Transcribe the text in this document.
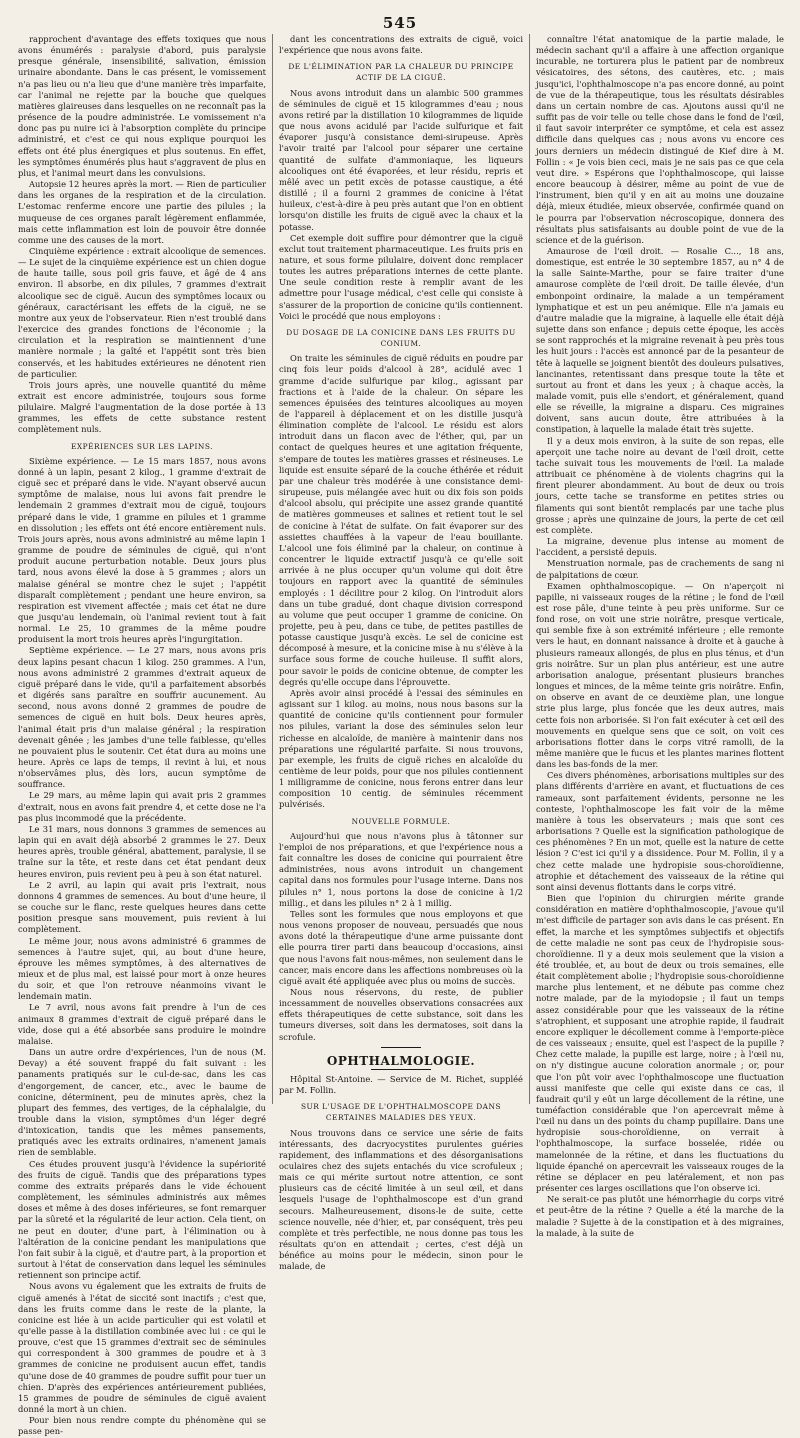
545

rapprochent d'avantage des effets toxiques que nous avons énumérés : paralysie d'abord, puis paralysie presque générale, insensibilité, salivation, émission urinaire abondante. Dans le cas présent, le vomissement n'a pas lieu ou n'a lieu que d'une manière très imparfaite, car l'animal ne rejette par la bouche que quelques matières glaireuses dans lesquelles on ne reconnaît pas la présence de la poudre administrée. Le vomissement n'a donc pas pu nuire ici à l'absorption complète du principe administré, et c'est ce qui nous explique pourquoi les effets ont été plus énergiques et plus soutenus. En effet, les symptômes énumérés plus haut s'aggravent de plus en plus, et l'animal meurt dans les convulsions.

Autopsie 12 heures après la mort. — Rien de particulier dans les organes de la respiration et de la circulation. L'estomac renferme encore une partie des pilules ; la muqueuse de ces organes paraît légèrement enflammée, mais cette inflammation est loin de pouvoir être donnée comme une des causes de la mort.

Cinquième expérience : extrait alcoolique de semences. — Le sujet de la cinquième expérience est un chien dogue de haute taille, sous poil gris fauve, et âgé de 4 ans environ. Il absorbe, en dix pilules, 7 grammes d'extrait alcoolique sec de ciguë. Aucun des symptômes locaux ou généraux, caractérisant les effets de la ciguë, ne se montre aux yeux de l'observateur. Rien n'est troublé dans l'exercice des grandes fonctions de l'économie ; la circulation et la respiration se maintiennent d'une manière normale ; la gaîté et l'appétit sont très bien conservés, et les habitudes extérieures ne dénotent rien de particulier.

Trois jours après, une nouvelle quantité du même extrait est encore administrée, toujours sous forme pilulaire. Malgré l'augmentation de la dose portée à 13 grammes, les effets de cette substance restent complètement nuls.

EXPÉRIENCES SUR LES LAPINS.

Sixième expérience. — Le 15 mars 1857, nous avons donné à un lapin, pesant 2 kilog., 1 gramme d'extrait de ciguë sec et préparé dans le vide. N'ayant observé aucun symptôme de malaise, nous lui avons fait prendre le lendemain 2 grammes d'extrait mou de ciguë, toujours préparé dans le vide, 1 gramme en pilules et 1 gramme en dissolution ; les effets ont été encore entièrement nuls. Trois jours après, nous avons administré au même lapin 1 gramme de poudre de séminules de ciguë, qui n'ont produit aucune perturbation notable. Deux jours plus tard, nous avons élevé la dose à 5 grammes ; alors un malaise général se montre chez le sujet ; l'appétit disparaît complètement ; pendant une heure environ, sa respiration est vivement affectée ; mais cet état ne dure que jusqu'au lendemain, où l'animal revient tout à fait normal. Le 25, 10 grammes de la même poudre produisent la mort trois heures après l'ingurgitation.

Septième expérience. — Le 27 mars, nous avons pris deux lapins pesant chacun 1 kilog. 250 grammes. A l'un, nous avons administré 2 grammes d'extrait aqueux de ciguë préparé dans le vide, qu'il a parfaitement absorbés et digérés sans paraître en souffrir aucunement. Au second, nous avons donné 2 grammes de poudre de semences de ciguë en huit bols. Deux heures après, l'animal était pris d'un malaise général ; la respiration devenait gênée ; les jambes d'une telle faiblesse, qu'elles ne pouvaient plus le soutenir. Cet état dura au moins une heure. Après ce laps de temps, il revint à lui, et nous n'observâmes plus, dès lors, aucun symptôme de souffrance.

Le 29 mars, au même lapin qui avait pris 2 grammes d'extrait, nous en avons fait prendre 4, et cette dose ne l'a pas plus incommodé que la précédente.

Le 31 mars, nous donnons 3 grammes de semences au lapin qui en avait déjà absorbé 2 grammes le 27. Deux heures après, trouble général, abattement, paralysie, il se traîne sur la tête, et reste dans cet état pendant deux heures environ, puis revient peu à peu à son état naturel.

Le 2 avril, au lapin qui avait pris l'extrait, nous donnons 4 grammes de semences. Au bout d'une heure, il se couche sur le flanc, reste quelques heures dans cette position presque sans mouvement, puis revient à lui complètement.

Le même jour, nous avons administré 6 grammes de semences à l'autre sujet, qui, au bout d'une heure, éprouve les mêmes symptômes, à des alternatives de mieux et de plus mal, est laissé pour mort à onze heures du soir, et que l'on retrouve néanmoins vivant le lendemain matin.

Le 7 avril, nous avons fait prendre à l'un de ces animaux 8 grammes d'extrait de ciguë préparé dans le vide, dose qui a été absorbée sans produire le moindre malaise.

Dans un autre ordre d'expériences, l'un de nous (M. Devay) a été souvent frappé du fait suivant : les panaments pratiqués sur le cul-de-sac, dans les cas d'engorgement, de cancer, etc., avec le baume de conicine, déterminent, peu de minutes après, chez la plupart des femmes, des vertiges, de la céphalalgie, du trouble dans la vision, symptômes d'un léger degré d'intoxication, tandis que les mêmes pansements, pratiqués avec les extraits ordinaires, n'amenent jamais rien de semblable.

Ces études prouvent jusqu'à l'évidence la supériorité des fruits de ciguë. Tandis que des préparations types comme des extraits préparés dans le vide échouent complètement, les séminules administrés aux mêmes doses et même à des doses inférieures, se font remarquer par la sûreté et la régularité de leur action. Cela tient, on ne peut en douter, d'une part, à l'élimination ou à l'altération de la conicine pendant les manipulations que l'on fait subir à la ciguë, et d'autre part, à la proportion et surtout à l'état de conservation dans lequel les séminules retiennent son principe actif.

Nous avons vu également que les extraits de fruits de ciguë amenés à l'état de siccité sont inactifs ; c'est que, dans les fruits comme dans le reste de la plante, la conicine est liée à un acide particulier qui est volatil et qu'elle passe à la distillation combinée avec lui : ce qui le prouve, c'est que 15 grammes d'extrait sec de séminules qui correspondent à 300 grammes de poudre et à 3 grammes de conicine ne produisent aucun effet, tandis qu'une dose de 40 grammes de poudre suffit pour tuer un chien. D'après des expériences antérieurement publiées, 15 grammes de poudre de séminules de ciguë avaient donné la mort à un chien.

Pour bien nous rendre compte du phénomène qui se passe pen-

dant les concentrations des extraits de ciguë, voici l'expérience que nous avons faite.

DE L'ÉLIMINATION PAR LA CHALEUR DU PRINCIPE ACTIF DE LA CIGUË.

Nous avons introduit dans un alambic 500 grammes de séminules de ciguë et 15 kilogrammes d'eau ; nous avons retiré par la distillation 10 kilogrammes de liquide que nous avons acidulé par l'acide sulfurique et fait évaporer jusqu'à consistance demi-sirupeuse. Après l'avoir traité par l'alcool pour séparer une certaine quantité de sulfate d'ammoniaque, les liqueurs alcooliques ont été évaporées, et leur résidu, repris et mêlé avec un petit excès de potasse caustique, a été distillé ; il a fourni 2 grammes de conicine à l'état huileux, c'est-à-dire à peu près autant que l'on en obtient lorsqu'on distille les fruits de ciguë avec la chaux et la potasse.

Cet exemple doit suffire pour démontrer que la ciguë exclut tout traitement pharmaceutique. Les fruits pris en nature, et sous forme pilulaire, doivent donc remplacer toutes les autres préparations internes de cette plante. Une seule condition reste à remplir avant de les admettre pour l'usage médical, c'est celle qui consiste à s'assurer de la proportion de conicine qu'ils contiennent. Voici le procédé que nous employons :

DU DOSAGE DE LA CONICINE DANS LES FRUITS DU CONIUM.

On traite les séminules de ciguë réduits en poudre par cinq fois leur poids d'alcool à 28°, acidulé avec 1 gramme d'acide sulfurique par kilog., agissant par fractions et à l'aide de la chaleur. On sépare les semences épuisées des teintures alcooliques au moyen de l'appareil à déplacement et on les distille jusqu'à élimination complète de l'alcool. Le résidu est alors introduit dans un flacon avec de l'éther, qui, par un contact de quelques heures et une agitation fréquente, s'empare de toutes les matières grasses et résineuses. Le liquide est ensuite séparé de la couche éthérée et réduit par une chaleur très modérée à une consistance demi-sirupeuse, puis mélangée avec huit ou dix fois son poids d'alcool absolu, qui précipite une assez grande quantité de matières gommeuses et salines et retient tout le sel de conicine à l'état de sulfate. On fait évaporer sur des assiettes chauffées à la vapeur de l'eau bouillante. L'alcool une fois éliminé par la chaleur, on continue à concentrer le liquide extractif jusqu'à ce qu'elle soit arrivée à ne plus occuper qu'un volume qui doit être toujours en rapport avec la quantité de séminules employés : 1 décilitre pour 2 kilog. On l'introduit alors dans un tube gradué, dont chaque division correspond au volume que peut occuper 1 gramme de conicine. On projette, peu à peu, dans ce tube, de petites pastilles de potasse caustique jusqu'à excès. Le sel de conicine est décomposé à mesure, et la conicine mise à nu s'élève à la surface sous forme de couche huileuse. Il suffit alors, pour savoir le poids de conicine obtenue, de compter les degrés qu'elle occupe dans l'éprouvette.

Après avoir ainsi procédé à l'essai des séminules en agissant sur 1 kilog. au moins, nous nous basons sur la quantité de conicine qu'ils contiennent pour formuler nos pilules, variant la dose des séminules selon leur richesse en alcaloïde, de manière à maintenir dans nos préparations une régularité parfaite. Si nous trouvons, par exemple, les fruits de ciguë riches en alcaloïde du centième de leur poids, pour que nos pilules contiennent 1 milligramme de conicine, nous ferons entrer dans leur composition 10 centig. de séminules récemment pulvérisés.

NOUVELLE FORMULE.

Aujourd'hui que nous n'avons plus à tâtonner sur l'emploi de nos préparations, et que l'expérience nous a fait connaître les doses de conicine qui pourraient être administrées, nous avons introduit un changement capital dans nos formules pour l'usage interne. Dans nos pilules n° 1, nous portons la dose de conicine à 1/2 millig., et dans les pilules n° 2 à 1 millig.

Telles sont les formules que nous employons et que nous venons proposer de nouveau, persuadés que nous avons doté la thérapeutique d'une arme puissante dont elle pourra tirer parti dans beaucoup d'occasions, ainsi que nous l'avons fait nous-mêmes, non seulement dans le cancer, mais encore dans les affections nombreuses où la ciguë avait été appliquée avec plus ou moins de succès.

Nous nous réservons, du reste, de publier incessamment de nouvelles observations consacrées aux effets thérapeutiques de cette substance, soit dans les tumeurs diverses, soit dans les dermatoses, soit dans la scrofule.

OPHTHALMOLOGIE.

Hôpital St-Antoine. — Service de M. Richet, suppléé par M. Follin.

SUR L'USAGE DE L'OPHTHALMOSCOPE DANS CERTAINES MALADIES DES YEUX.

Nous trouvons dans ce service une série de faits intéressants, des dacryocystites purulentes guéries rapidement, des inflammations et des désorganisations oculaires chez des sujets entachés du vice scrofuleux ; mais ce qui mérite surtout notre attention, ce sont plusieurs cas de cécité limitée à un seul œil, et dans lesquels l'usage de l'ophthalmoscope est d'un grand secours. Malheureusement, disons-le de suite, cette science nouvelle, née d'hier, et, par conséquent, très peu complète et très perfectible, ne nous donne pas tous les résultats qu'on en attendait ; certes, c'est déjà un bénéfice au moins pour le médecin, sinon pour le malade, de

connaître l'état anatomique de la partie malade, le médecin sachant qu'il a affaire à une affection organique incurable, ne torturera plus le patient par de nombreux vésicatoires, des sétons, des cautères, etc. ; mais jusqu'ici, l'ophthalmoscope n'a pas encore donné, au point de vue de la thérapeutique, tous les résultats désirables dans un certain nombre de cas. Ajoutons aussi qu'il ne suffit pas de voir telle ou telle chose dans le fond de l'œil, il faut savoir interpréter ce symptôme, et cela est assez difficile dans quelques cas ; nous avons vu encore ces jours derniers un médecin distingué de Kief dire à M. Follin : « Je vois bien ceci, mais je ne sais pas ce que cela veut dire. » Espérons que l'ophthalmoscope, qui laisse encore beaucoup à désirer, même au point de vue de l'instrument, bien qu'il y en ait au moins une douzaine déjà, mieux étudiée, mieux observée, confirmée quand on le pourra par l'observation nécroscopique, donnera des résultats plus satisfaisants au double point de vue de la science et de la guérison.

Amaurose de l'œil droit. — Rosalie C..., 18 ans, domestique, est entrée le 30 septembre 1857, au n° 4 de la salle Sainte-Marthe, pour se faire traiter d'une amaurose complète de l'œil droit. De taille élevée, d'un embonpoint ordinaire, la malade a un tempérament lymphatique et est un peu anémique. Elle n'a jamais eu d'autre maladie que la migraine, à laquelle elle était déjà sujette dans son enfance ; depuis cette époque, les accès se sont rapprochés et la migraine revenait à peu près tous les huit jours : l'accès est annoncé par de la pesanteur de tête à laquelle se joignent bientôt des douleurs pulsatives, lancinantes, retentissant dans presque toute la tête et surtout au front et dans les yeux ; à chaque accès, la malade vomit, puis elle s'endort, et généralement, quand elle se réveille, la migraine a disparu. Ces migraines doivent, sans aucun doute, être attribuées à la constipation, à laquelle la malade était très sujette.

Il y a deux mois environ, à la suite de son repas, elle aperçoit une tache noire au devant de l'œil droit, cette tache suivait tous les mouvements de l'œil. La malade attribuait ce phénomène à de violents chagrins qui la firent pleurer abondamment. Au bout de deux ou trois jours, cette tache se transforme en petites stries ou filaments qui sont bientôt remplacés par une tache plus grosse ; après une quinzaine de jours, la perte de cet œil est complète.

La migraine, devenue plus intense au moment de l'accident, a persisté depuis.

Menstruation normale, pas de crachements de sang ni de palpitations de cœur.

Examen ophthalmoscopique. — On n'aperçoit ni papille, ni vaisseaux rouges de la rétine ; le fond de l'œil est rose pâle, d'une teinte à peu près uniforme. Sur ce fond rose, on voit une strie noirâtre, presque verticale, qui semble fixe à son extrémité inférieure ; elle remonte vers le haut, en donnant naissance à droite et à gauche à plusieurs rameaux allongés, de plus en plus ténus, et d'un gris noirâtre. Sur un plan plus antérieur, est une autre arborisation analogue, présentant plusieurs branches longues et minces, de la même teinte gris noirâtre. Enfin, on observe en avant de ce deuxième plan, une longue strie plus large, plus foncée que les deux autres, mais cette fois non arborisée. Si l'on fait exécuter à cet œil des mouvements en quelque sens que ce soit, on voit ces arborisations flotter dans le corps vitré ramolli, de la même manière que le fucus et les plantes marines flottent dans les bas-fonds de la mer.

Ces divers phénomènes, arborisations multiples sur des plans différents d'arrière en avant, et fluctuations de ces rameaux, sont parfaitement évidents, personne ne les conteste, l'ophthalmoscope les fait voir de la même manière à tous les observateurs ; mais que sont ces arborisations ? Quelle est la signification pathologique de ces phénomènes ? En un mot, quelle est la nature de cette lésion ? C'est ici qu'il y a dissidence. Pour M. Follin, il y a chez cette malade une hydropisie sous-choroïdienne, atrophie et détachement des vaisseaux de la rétine qui sont ainsi devenus flottants dans le corps vitré.

Bien que l'opinion du chirurgien mérite grande considération en matière d'ophthalmoscopie, j'avoue qu'il m'est difficile de partager son avis dans le cas présent. En effet, la marche et les symptômes subjectifs et objectifs de cette maladie ne sont pas ceux de l'hydropisie sous-choroïdienne. Il y a deux mois seulement que la vision a été troublée, et, au bout de deux ou trois semaines, elle était complètement abolie ; l'hydropisie sous-choroïdienne marche plus lentement, et ne débute pas comme chez notre malade, par de la myiodopsie ; il faut un temps assez considérable pour que les vaisseaux de la rétine s'atrophient, et supposant une atrophie rapide, il faudrait encore expliquer le décollement comme à l'emporte-pièce de ces vaisseaux ; ensuite, quel est l'aspect de la pupille ? Chez cette malade, la pupille est large, noire ; à l'œil nu, on n'y distingue aucune coloration anormale ; or, pour que l'on pût voir avec l'ophthalmoscope une fluctuation aussi manifeste que celle qui existe dans ce cas, il faudrait qu'il y eût un large décollement de la rétine, une tuméfaction considérable que l'on apercevrait même à l'œil nu dans un des points du champ pupillaire. Dans une hydropisie sous-choroïdienne, on verrait à l'ophthalmoscope, la surface bosselée, ridée ou mamelonnée de la rétine, et dans les fluctuations du liquide épanché on apercevrait les vaisseaux rouges de la rétine se déplacer en peu latéralement, et non pas présenter ces larges oscillations que l'on observe ici.

Ne serait-ce pas plutôt une hémorrhagie du corps vitré et peut-être de la rétine ? Quelle a été la marche de la maladie ? Sujette à de la constipation et à des migraines, la malade, à la suite de
